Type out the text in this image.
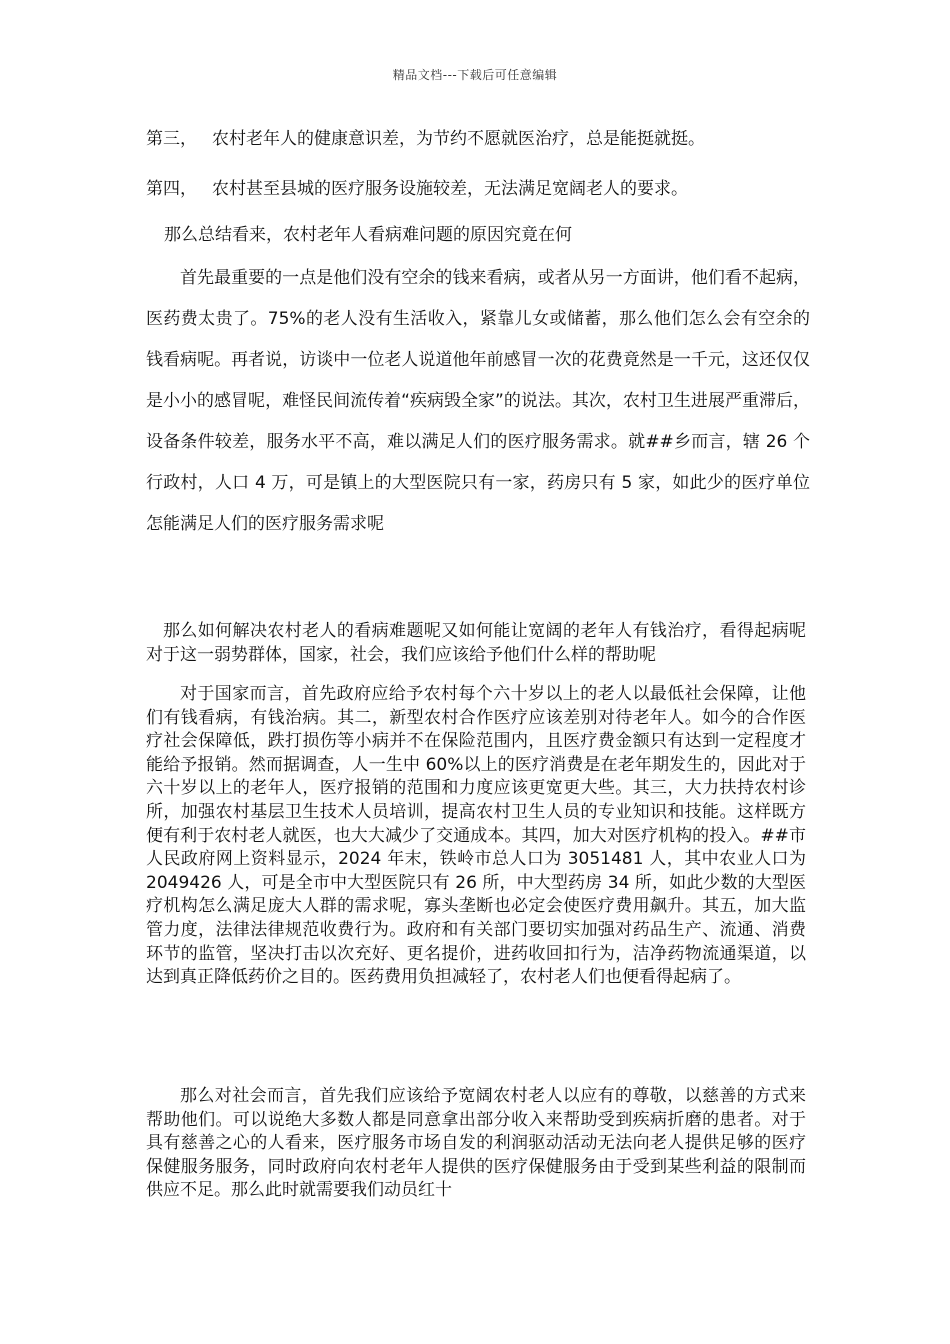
精品文档---下载后可任意编辑
第三， 农村老年人的健康意识差，为节约不愿就医治疗，总是能挺就挺。
第四， 农村甚至县城的医疗服务设施较差，无法满足宽阔老人的要求。
那么总结看来，农村老年人看病难问题的原因究竟在何
首先最重要的一点是他们没有空余的钱来看病，或者从另一方面讲，他们看不起病，医药费太贵了。75%的老人没有生活收入，紧靠儿女或储蓄，那么他们怎么会有空余的钱看病呢。再者说，访谈中一位老人说道他年前感冒一次的花费竟然是一千元，这还仅仅是小小的感冒呢，难怪民间流传着“疾病毁全家”的说法。其次，农村卫生进展严重滞后，设备条件较差，服务水平不高，难以满足人们的医疗服务需求。就##乡而言，辖 26 个行政村，人口 4 万，可是镇上的大型医院只有一家，药房只有 5 家，如此少的医疗单位怎能满足人们的医疗服务需求呢
那么如何解决农村老人的看病难题呢又如何能让宽阔的老年人有钱治疗，看得起病呢对于这一弱势群体，国家，社会，我们应该给予他们什么样的帮助呢
对于国家而言，首先政府应给予农村每个六十岁以上的老人以最低社会保障，让他们有钱看病，有钱治病。其二，新型农村合作医疗应该差别对待老年人。如今的合作医疗社会保障低，跌打损伤等小病并不在保险范围内，且医疗费金额只有达到一定程度才能给予报销。然而据调查，人一生中 60%以上的医疗消费是在老年期发生的，因此对于六十岁以上的老年人，医疗报销的范围和力度应该更宽更大些。其三，大力扶持农村诊所，加强农村基层卫生技术人员培训，提高农村卫生人员的专业知识和技能。这样既方便有利于农村老人就医，也大大减少了交通成本。其四，加大对医疗机构的投入。##市人民政府网上资料显示，2024 年末，铁岭市总人口为 3051481 人，其中农业人口为 2049426 人，可是全市中大型医院只有 26 所，中大型药房 34 所，如此少数的大型医疗机构怎么满足庞大人群的需求呢，寡头垄断也必定会使医疗费用飙升。其五，加大监管力度，法律法律规范收费行为。政府和有关部门要切实加强对药品生产、流通、消费环节的监管，坚决打击以次充好、更名提价，进药收回扣行为，洁净药物流通渠道，以达到真正降低药价之目的。医药费用负担减轻了，农村老人们也便看得起病了。
那么对社会而言，首先我们应该给予宽阔农村老人以应有的尊敬，以慈善的方式来帮助他们。可以说绝大多数人都是同意拿出部分收入来帮助受到疾病折磨的患者。对于具有慈善之心的人看来，医疗服务市场自发的利润驱动活动无法向老人提供足够的医疗保健服务服务，同时政府向农村老年人提供的医疗保健服务由于受到某些利益的限制而供应不足。那么此时就需要我们动员红十
